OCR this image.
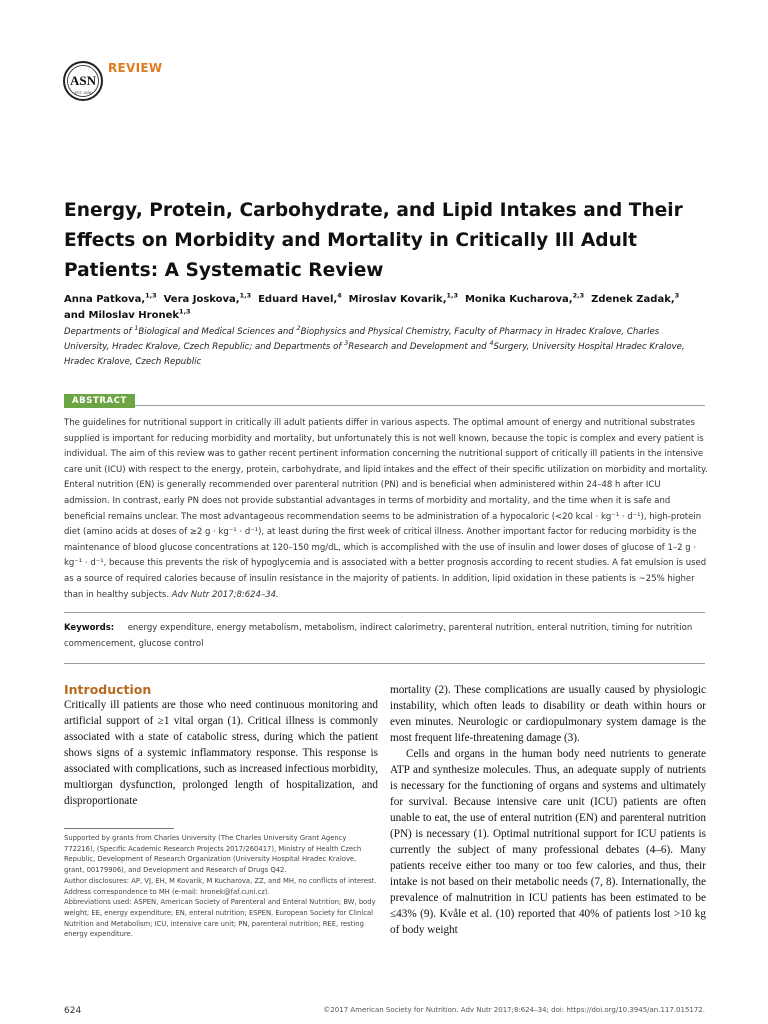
ASN
EST. 1928
REVIEW
Energy, Protein, Carbohydrate, and Lipid Intakes and Their Effects on Morbidity and Mortality in Critically Ill Adult Patients: A Systematic Review
Anna Patkova,$^{1,3}$ Vera Joskova,$^{1,3}$ Eduard Havel,$^4$ Miroslav Kovarik,$^{1,3}$ Monika Kucharova,$^{2,3}$ Zdenek Zadak,$^3$
and Miloslav Hronek$^{1,3}$
Departments of $^1$Biological and Medical Sciences and $^2$Biophysics and Physical Chemistry, Faculty of Pharmacy in Hradec Kralove, Charles University, Hradec Kralove, Czech Republic; and Departments of $^3$Research and Development and $^4$Surgery, University Hospital Hradec Kralove, Hradec Kralove, Czech Republic
ABSTRACT

The guidelines for nutritional support in critically ill adult patients differ in various aspects. The optimal amount of energy and nutritional substrates supplied is important for reducing morbidity and mortality, but unfortunately this is not well known, because the topic is complex and every patient is individual. The aim of this review was to gather recent pertinent information concerning the nutritional support of critically ill patients in the intensive care unit (ICU) with respect to the energy, protein, carbohydrate, and lipid intakes and the effect of their specific utilization on morbidity and mortality. Enteral nutrition (EN) is generally recommended over parenteral nutrition (PN) and is beneficial when administered within 24–48 h after ICU admission. In contrast, early PN does not provide substantial advantages in terms of morbidity and mortality, and the time when it is safe and beneficial remains unclear. The most advantageous recommendation seems to be administration of a hypocaloric (<20 kcal · kg⁻¹ · d⁻¹), high-protein diet (amino acids at doses of ≥2 g · kg⁻¹ · d⁻¹), at least during the first week of critical illness. Another important factor for reducing morbidity is the maintenance of blood glucose concentrations at 120–150 mg/dL, which is accomplished with the use of insulin and lower doses of glucose of 1–2 g · kg⁻¹ · d⁻¹, because this prevents the risk of hypoglycemia and is associated with a better prognosis according to recent studies. A fat emulsion is used as a source of required calories because of insulin resistance in the majority of patients. In addition, lipid oxidation in these patients is ~25% higher than in healthy subjects. Adv Nutr 2017;8:624–34.

Keywords: energy expenditure, energy metabolism, metabolism, indirect calorimetry, parenteral nutrition, enteral nutrition, timing for nutrition commencement, glucose control

Introduction

Critically ill patients are those who need continuous monitoring and artificial support of ≥1 vital organ (1). Critical illness is commonly associated with a state of catabolic stress, during which the patient shows signs of a systemic inflammatory response. This response is associated with complications, such as increased infectious morbidity, multiorgan dysfunction, prolonged length of hospitalization, and disproportionate

mortality (2). These complications are usually caused by physiologic instability, which often leads to disability or death within hours or even minutes. Neurologic or cardiopulmonary system damage is the most frequent life-threatening damage (3).

Cells and organs in the human body need nutrients to generate ATP and synthesize molecules. Thus, an adequate supply of nutrients is necessary for the functioning of organs and systems and ultimately for survival. Because intensive care unit (ICU) patients are often unable to eat, the use of enteral nutrition (EN) and parenteral nutrition (PN) is necessary (1). Optimal nutritional support for ICU patients is currently the subject of many professional debates (4–6). Many patients receive either too many or too few calories, and thus, their intake is not based on their metabolic needs (7, 8). Internationally, the prevalence of malnutrition in ICU patients has been estimated to be ≤43% (9). Kvåle et al. (10) reported that 40% of patients lost >10 kg of body weight

Supported by grants from Charles University (The Charles University Grant Agency 772216), (Specific Academic Research Projects 2017/260417), Ministry of Health Czech Republic, Development of Research Organization (University Hospital Hradec Kralove, grant, 00179906), and Development and Research of Drugs Q42.

Author disclosures: AP, VJ, EH, M Kovarik, M Kucharova, ZZ, and MH, no conflicts of interest.

Address correspondence to MH (e-mail: hronek@faf.cuni.cz).

Abbreviations used: ASPEN, American Society of Parenteral and Enteral Nutrition; BW, body weight; EE, energy expenditure; EN, enteral nutrition; ESPEN, European Society for Clinical Nutrition and Metabolism; ICU, intensive care unit; PN, parenteral nutrition; REE, resting energy expenditure.

624	©2017 American Society for Nutrition. Adv Nutr 2017;8:624–34; doi: https://doi.org/10.3945/an.117.015172.
